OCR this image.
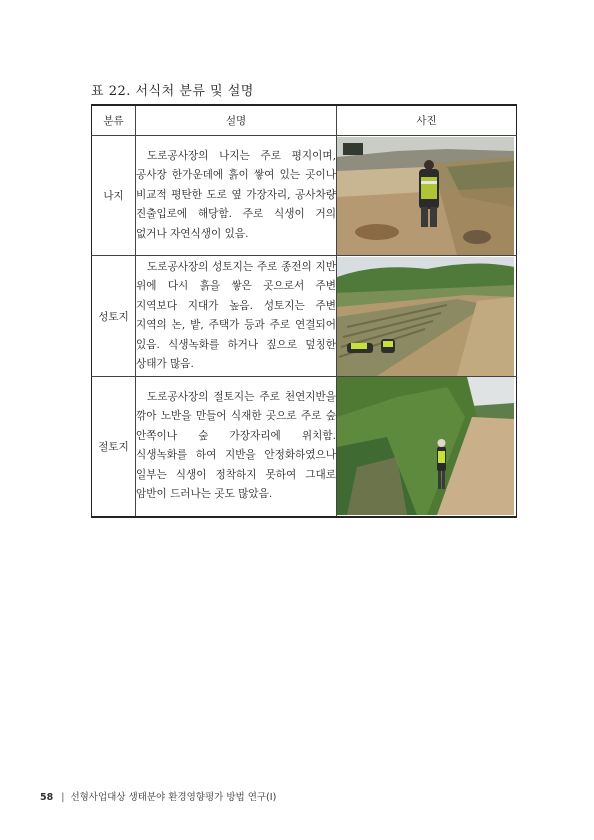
표 22. 서식처 분류 및 설명
분류	설명	사진
나지	도로공사장의 나지는 주로 평지이며, 공사장 한가운데에 흙이 쌓여 있는 곳이나 비교적 평탄한 도로 옆 가장자리, 공사차량 진출입로에 해당함. 주로 식생이 거의 없거나 자연식생이 있음.

성토지	도로공사장의 성토지는 주로 종전의 지반 위에 다시 흙을 쌓은 곳으로서 주변 지역보다 지대가 높음. 성토지는 주변 지역의 논, 밭, 주택가 등과 주로 연결되어 있음. 식생녹화를 하거나 짚으로 덮칭한 상태가 많음.

절토지	도로공사장의 절토지는 주로 천연지반을 깎아 노반을 만들어 식재한 곳으로 주로 숲 안쪽이나 숲 가장자리에 위치함. 식생녹화를 하여 지반을 안정화하였으나 일부는 식생이 정착하지 못하여 그대로 암반이 드러나는 곳도 많았음.

58 | 선형사업대상 생태분야 환경영향평가 방법 연구(Ⅰ)
